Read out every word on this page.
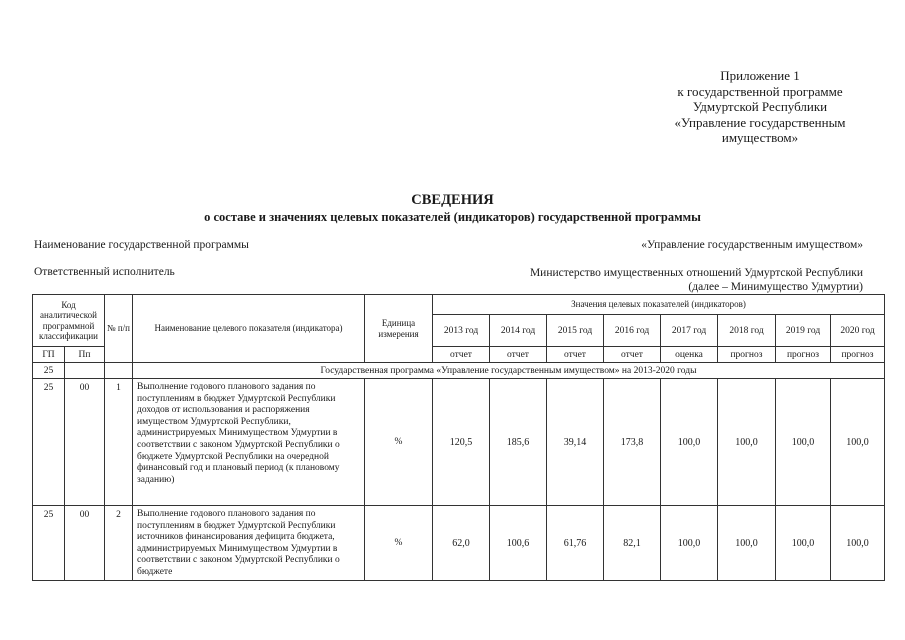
Приложение 1
к государственной программе
Удмуртской Республики
«Управление государственным
имуществом»
СВЕДЕНИЯ
о составе и значениях целевых показателей (индикаторов) государственной программы
Наименование государственной программы	«Управление государственным имуществом»
Ответственный исполнитель	Министерство имущественных отношений Удмуртской Республики
(далее – Минимущество Удмуртии)
Код аналитической программной классификации		№ п/п	Наименование целевого показателя (индикатора)	Единица измерения	Значения целевых показателей (индикаторов)							
					2013 год	2014 год	2015 год	2016 год	2017 год	2018 год	2019 год	2020 год
ГП	Пп				отчет	отчет	отчет	отчет	оценка	прогноз	прогноз	прогноз
25			Государственная программа «Управление государственным имуществом» на 2013-2020 годы									
25	00	1	Выполнение годового планового задания по поступлениям в бюджет Удмуртской Республики доходов от использования и распоряжения имуществом Удмуртской Республики, администрируемых Минимуществом Удмуртии в соответствии с законом Удмуртской Республики о бюджете Удмуртской Республики на очередной финансовый год и плановый период (к плановому заданию)	%	120,5	185,6	39,14	173,8	100,0	100,0	100,0	100,0
25	00	2	Выполнение годового планового задания по поступлениям в бюджет Удмуртской Республики источников финансирования дефицита бюджета, администрируемых Минимуществом Удмуртии в соответствии с законом Удмуртской Республики о бюджете	%	62,0	100,6	61,76	82,1	100,0	100,0	100,0	100,0
